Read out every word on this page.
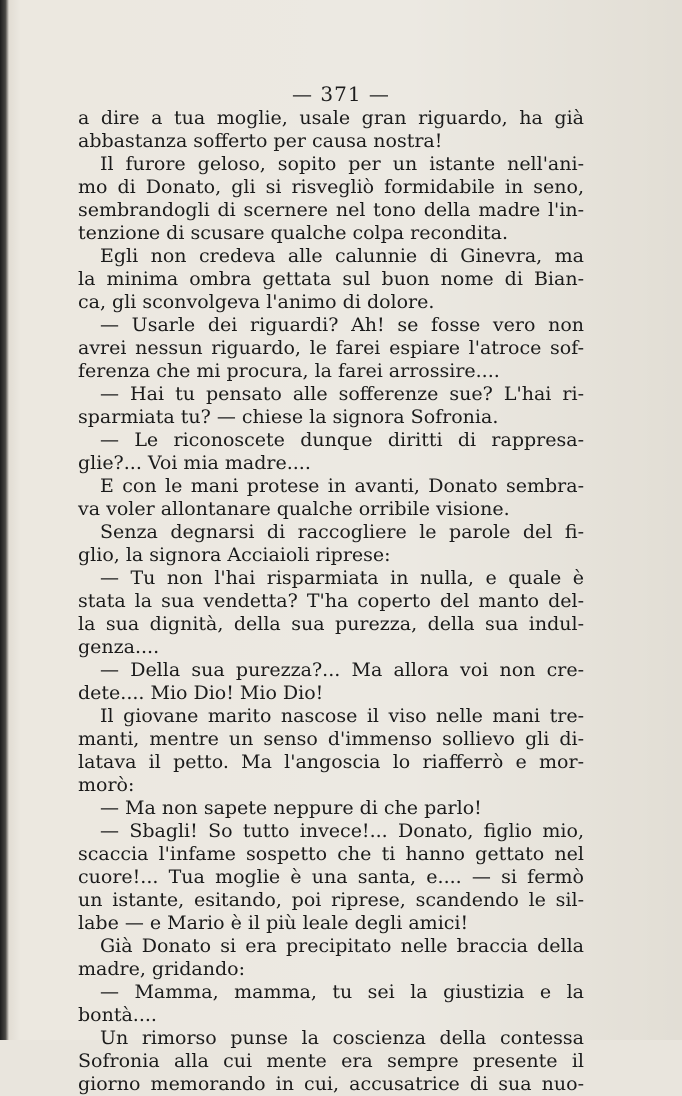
— 371 —
a dire a tua moglie, usale gran riguardo, ha già
abbastanza sofferto per causa nostra!
Il furore geloso, sopito per un istante nell'ani-
mo di Donato, gli si risvegliò formidabile in seno,
sembrandogli di scernere nel tono della madre l'in-
tenzione di scusare qualche colpa recondita.
Egli non credeva alle calunnie di Ginevra, ma
la minima ombra gettata sul buon nome di Bian-
ca, gli sconvolgeva l'animo di dolore.
— Usarle dei riguardi? Ah! se fosse vero non
avrei nessun riguardo, le farei espiare l'atroce sof-
ferenza che mi procura, la farei arrossire....
— Hai tu pensato alle sofferenze sue? L'hai ri-
sparmiata tu? — chiese la signora Sofronia.
— Le riconoscete dunque diritti di rappresa-
glie?... Voi mia madre....
E con le mani protese in avanti, Donato sembra-
va voler allontanare qualche orribile visione.
Senza degnarsi di raccogliere le parole del fi-
glio, la signora Acciaioli riprese:
— Tu non l'hai risparmiata in nulla, e quale è
stata la sua vendetta? T'ha coperto del manto del-
la sua dignità, della sua purezza, della sua indul-
genza....
— Della sua purezza?... Ma allora voi non cre-
dete.... Mio Dio! Mio Dio!
Il giovane marito nascose il viso nelle mani tre-
manti, mentre un senso d'immenso sollievo gli di-
latava il petto. Ma l'angoscia lo riafferrò e mor-
morò:
— Ma non sapete neppure di che parlo!
— Sbagli! So tutto invece!... Donato, figlio mio,
scaccia l'infame sospetto che ti hanno gettato nel
cuore!... Tua moglie è una santa, e.... — si fermò
un istante, esitando, poi riprese, scandendo le sil-
labe — e Mario è il più leale degli amici!
Già Donato si era precipitato nelle braccia della
madre, gridando:
— Mamma, mamma, tu sei la giustizia e la
bontà....
Un rimorso punse la coscienza della contessa
Sofronia alla cui mente era sempre presente il
giorno memorando in cui, accusatrice di sua nuo-
